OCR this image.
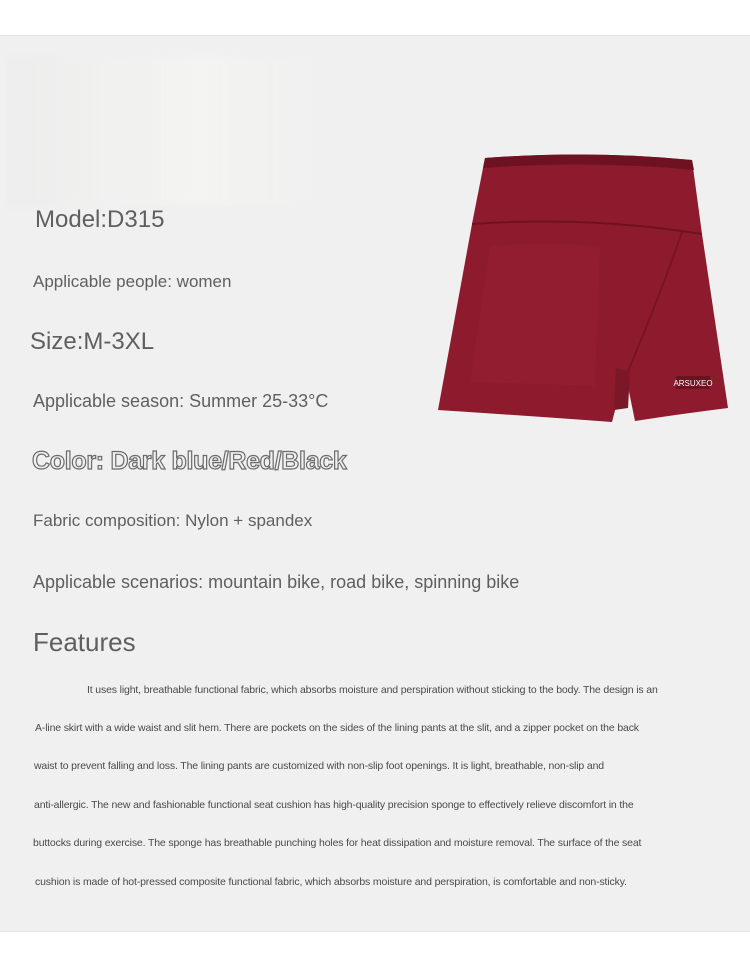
Model:D315
Applicable people: women
Size:M-3XL
Applicable season: Summer 25-33°C
Color: Dark blue/Red/Black
Fabric composition: Nylon + spandex
Applicable scenarios: mountain bike, road bike, spinning bike
ARSUXEO
Features
It uses light, breathable functional fabric, which absorbs moisture and perspiration without sticking to the body. The design is an
A-line skirt with a wide waist and slit hem. There are pockets on the sides of the lining pants at the slit, and a zipper pocket on the back
waist to prevent falling and loss. The lining pants are customized with non-slip foot openings. It is light, breathable, non-slip and
anti-allergic. The new and fashionable functional seat cushion has high-quality precision sponge to effectively relieve discomfort in the
buttocks during exercise. The sponge has breathable punching holes for heat dissipation and moisture removal. The surface of the seat
cushion is made of hot-pressed composite functional fabric, which absorbs moisture and perspiration, is comfortable and non-sticky.
